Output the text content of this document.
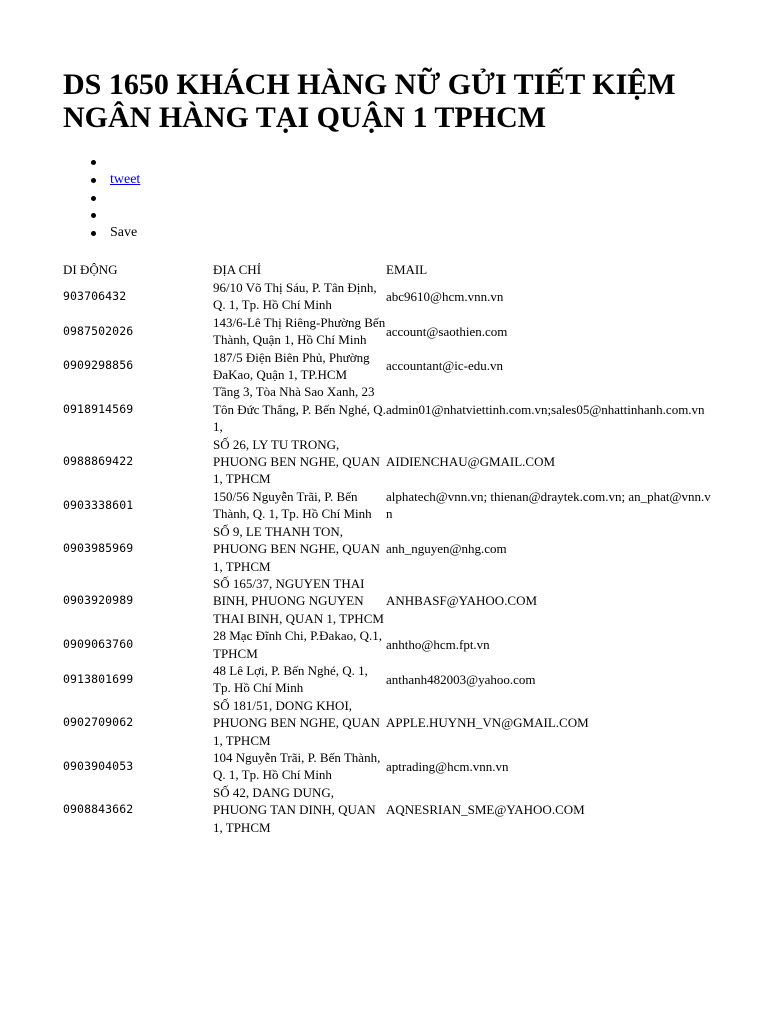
DS 1650 KHÁCH HÀNG NỮ GỬI TIẾT KIỆM NGÂN HÀNG TẠI QUẬN 1 TPHCM
tweet
Save
DI ĐỘNG	ĐỊA CHỈ	EMAIL
903706432	96/10 Võ Thị Sáu, P. Tân Định, Q. 1, Tp. Hồ Chí Minh	abc9610@hcm.vnn.vn
0987502026	143/6-Lê Thị Riêng-Phường Bến Thành, Quận 1, Hồ Chí Minh	account@saothien.com
0909298856	187/5 Điện Biên Phủ, Phường ĐaKao, Quận 1, TP.HCM	accountant@ic-edu.vn
0918914569	Tầng 3, Tòa Nhà Sao Xanh, 23 Tôn Đức Thắng, P. Bến Nghé, Q. 1,	admin01@nhatviettinh.com.vn;sales05@nhattinhanh.com.vn
0988869422	SỐ 26, LY TU TRONG, PHUONG BEN NGHE, QUAN 1, TPHCM	AIDIENCHAU@GMAIL.COM
0903338601	150/56 Nguyễn Trãi, P. Bến Thành, Q. 1, Tp. Hồ Chí Minh	alphatech@vnn.vn; thienan@draytek.com.vn; an_phat@vnn.vn
0903985969	SỐ 9, LE THANH TON, PHUONG BEN NGHE, QUAN 1, TPHCM	anh_nguyen@nhg.com
0903920989	SỐ 165/37, NGUYEN THAI BINH, PHUONG NGUYEN THAI BINH, QUAN 1, TPHCM	ANHBASF@YAHOO.COM
0909063760	28 Mạc Đĩnh Chi, P.Đakao, Q.1, TPHCM	anhtho@hcm.fpt.vn
0913801699	48 Lê Lợi, P. Bến Nghé, Q. 1, Tp. Hồ Chí Minh	anthanh482003@yahoo.com
0902709062	SỐ 181/51, DONG KHOI, PHUONG BEN NGHE, QUAN 1, TPHCM	APPLE.HUYNH_VN@GMAIL.COM
0903904053	104 Nguyễn Trãi, P. Bến Thành, Q. 1, Tp. Hồ Chí Minh	aptrading@hcm.vnn.vn
0908843662	SỐ 42, DANG DUNG, PHUONG TAN DINH, QUAN 1, TPHCM	AQNESRIAN_SME@YAHOO.COM
